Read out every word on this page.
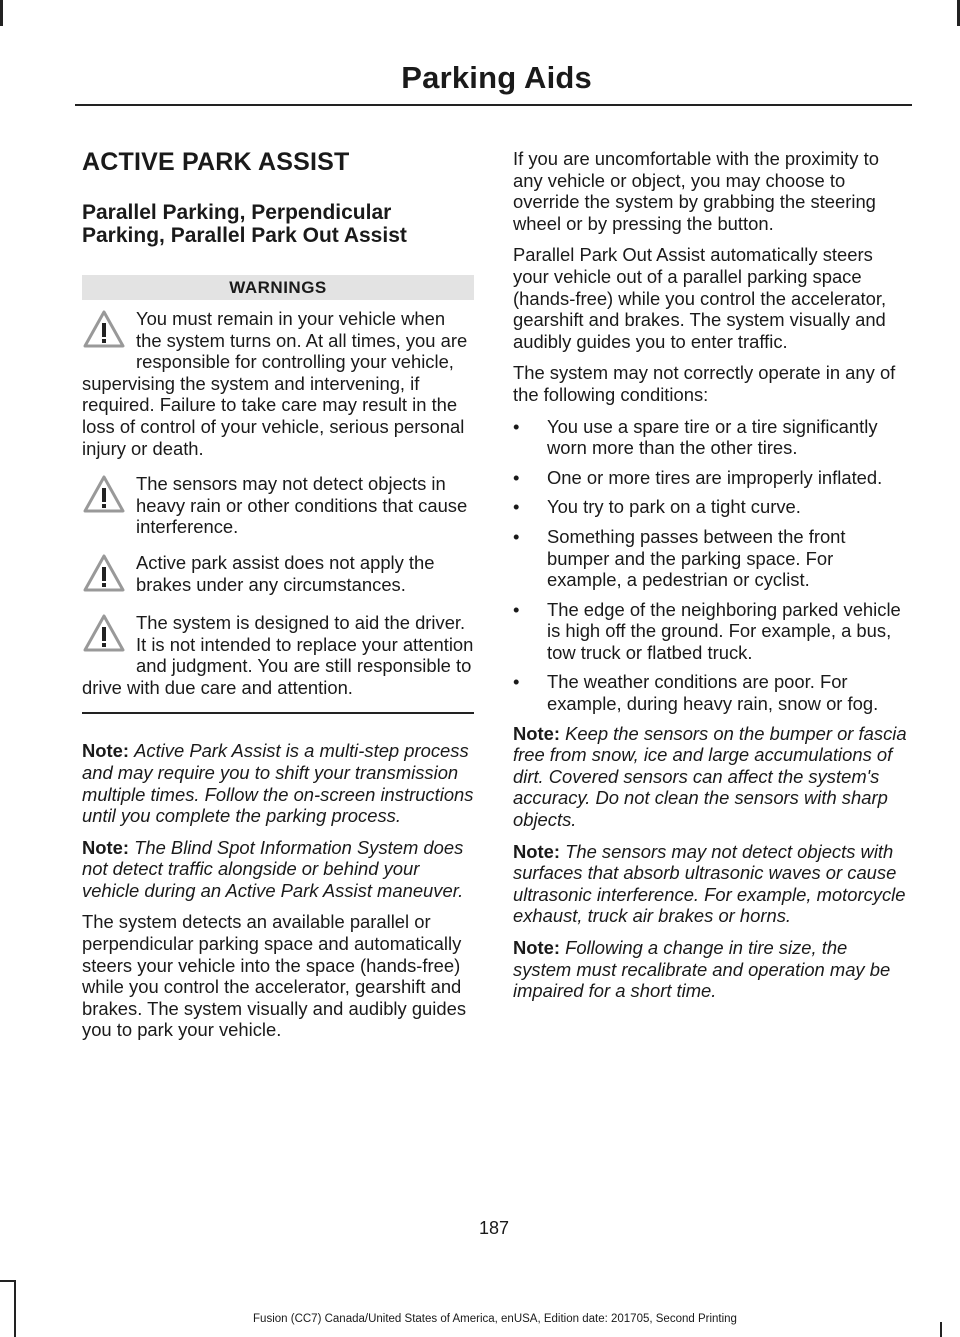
Parking Aids
ACTIVE PARK ASSIST
Parallel Parking, Perpendicular Parking, Parallel Park Out Assist
WARNINGS
You must remain in your vehicle when the system turns on. At all times, you are responsible for controlling your vehicle, supervising the system and intervening, if required. Failure to take care may result in the loss of control of your vehicle, serious personal injury or death.
The sensors may not detect objects in heavy rain or other conditions that cause interference.
Active park assist does not apply the brakes under any circumstances.
The system is designed to aid the driver. It is not intended to replace your attention and judgment. You are still responsible to drive with due care and attention.

Note: Active Park Assist is a multi-step process and may require you to shift your transmission multiple times. Follow the on-screen instructions until you complete the parking process.

Note: The Blind Spot Information System does not detect traffic alongside or behind your vehicle during an Active Park Assist maneuver.

The system detects an available parallel or perpendicular parking space and automatically steers your vehicle into the space (hands-free) while you control the accelerator, gearshift and brakes. The system visually and audibly guides you to park your vehicle.

If you are uncomfortable with the proximity to any vehicle or object, you may choose to override the system by grabbing the steering wheel or by pressing the button.

Parallel Park Out Assist automatically steers your vehicle out of a parallel parking space (hands-free) while you control the accelerator, gearshift and brakes. The system visually and audibly guides you to enter traffic.

The system may not correctly operate in any of the following conditions:

• You use a spare tire or a tire significantly worn more than the other tires.
• One or more tires are improperly inflated.
• You try to park on a tight curve.
• Something passes between the front bumper and the parking space. For example, a pedestrian or cyclist.
• The edge of the neighboring parked vehicle is high off the ground. For example, a bus, tow truck or flatbed truck.
• The weather conditions are poor. For example, during heavy rain, snow or fog.

Note: Keep the sensors on the bumper or fascia free from snow, ice and large accumulations of dirt. Covered sensors can affect the system's accuracy. Do not clean the sensors with sharp objects.

Note: The sensors may not detect objects with surfaces that absorb ultrasonic waves or cause ultrasonic interference. For example, motorcycle exhaust, truck air brakes or horns.

Note: Following a change in tire size, the system must recalibrate and operation may be impaired for a short time.

187
Fusion (CC7) Canada/United States of America, enUSA, Edition date: 201705, Second Printing
